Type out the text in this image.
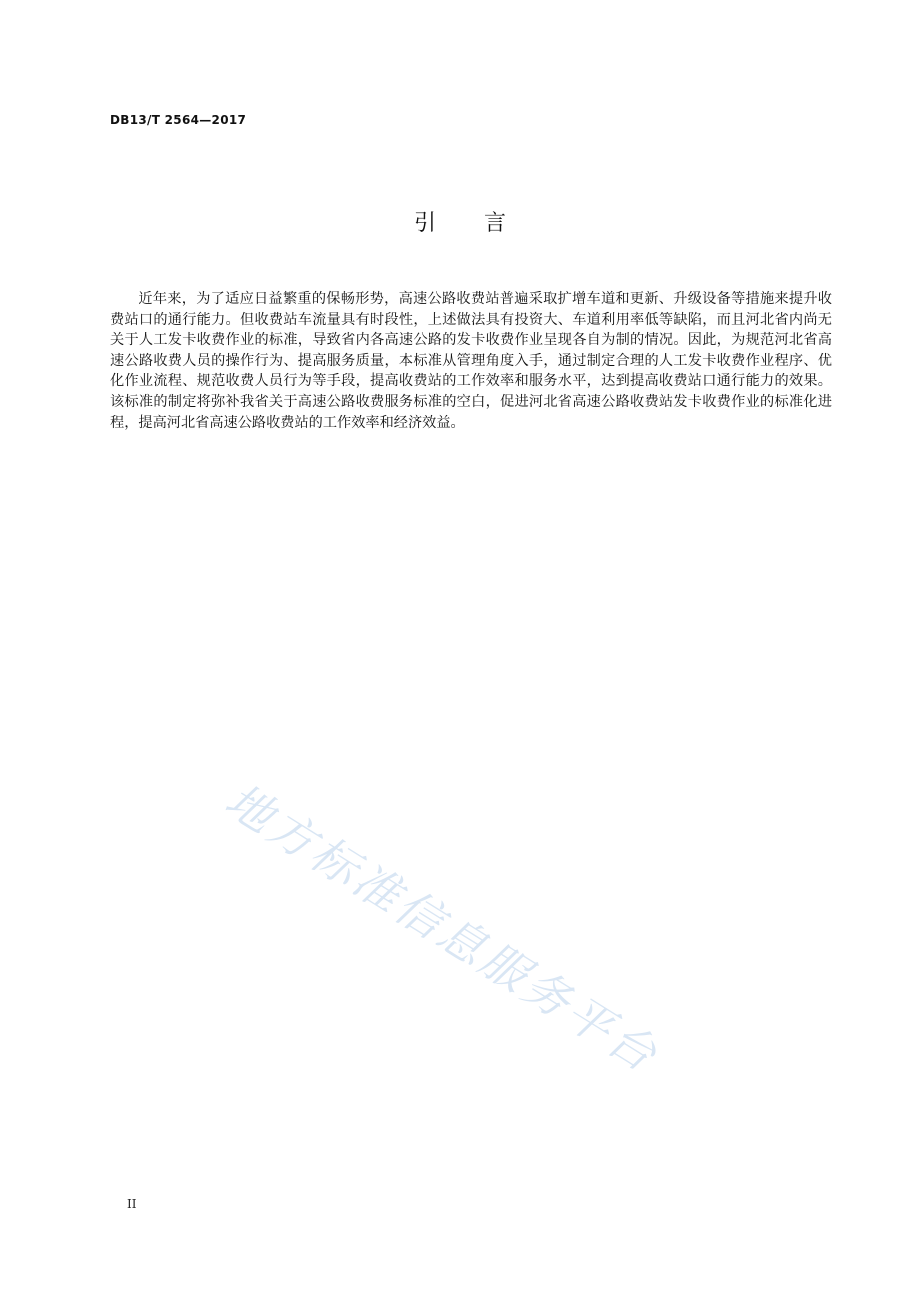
DB13/T 2564—2017
引言

近年来，为了适应日益繁重的保畅形势，高速公路收费站普遍采取扩增车道和更新、升级设备等措施来提升收费站口的通行能力。但收费站车流量具有时段性，上述做法具有投资大、车道利用率低等缺陷，而且河北省内尚无关于人工发卡收费作业的标准，导致省内各高速公路的发卡收费作业呈现各自为制的情况。因此，为规范河北省高速公路收费人员的操作行为、提高服务质量，本标准从管理角度入手，通过制定合理的人工发卡收费作业程序、优化作业流程、规范收费人员行为等手段，提高收费站的工作效率和服务水平，达到提高收费站口通行能力的效果。该标准的制定将弥补我省关于高速公路收费服务标准的空白，促进河北省高速公路收费站发卡收费作业的标准化进程，提高河北省高速公路收费站的工作效率和经济效益。

地方标准信息服务平台
II
